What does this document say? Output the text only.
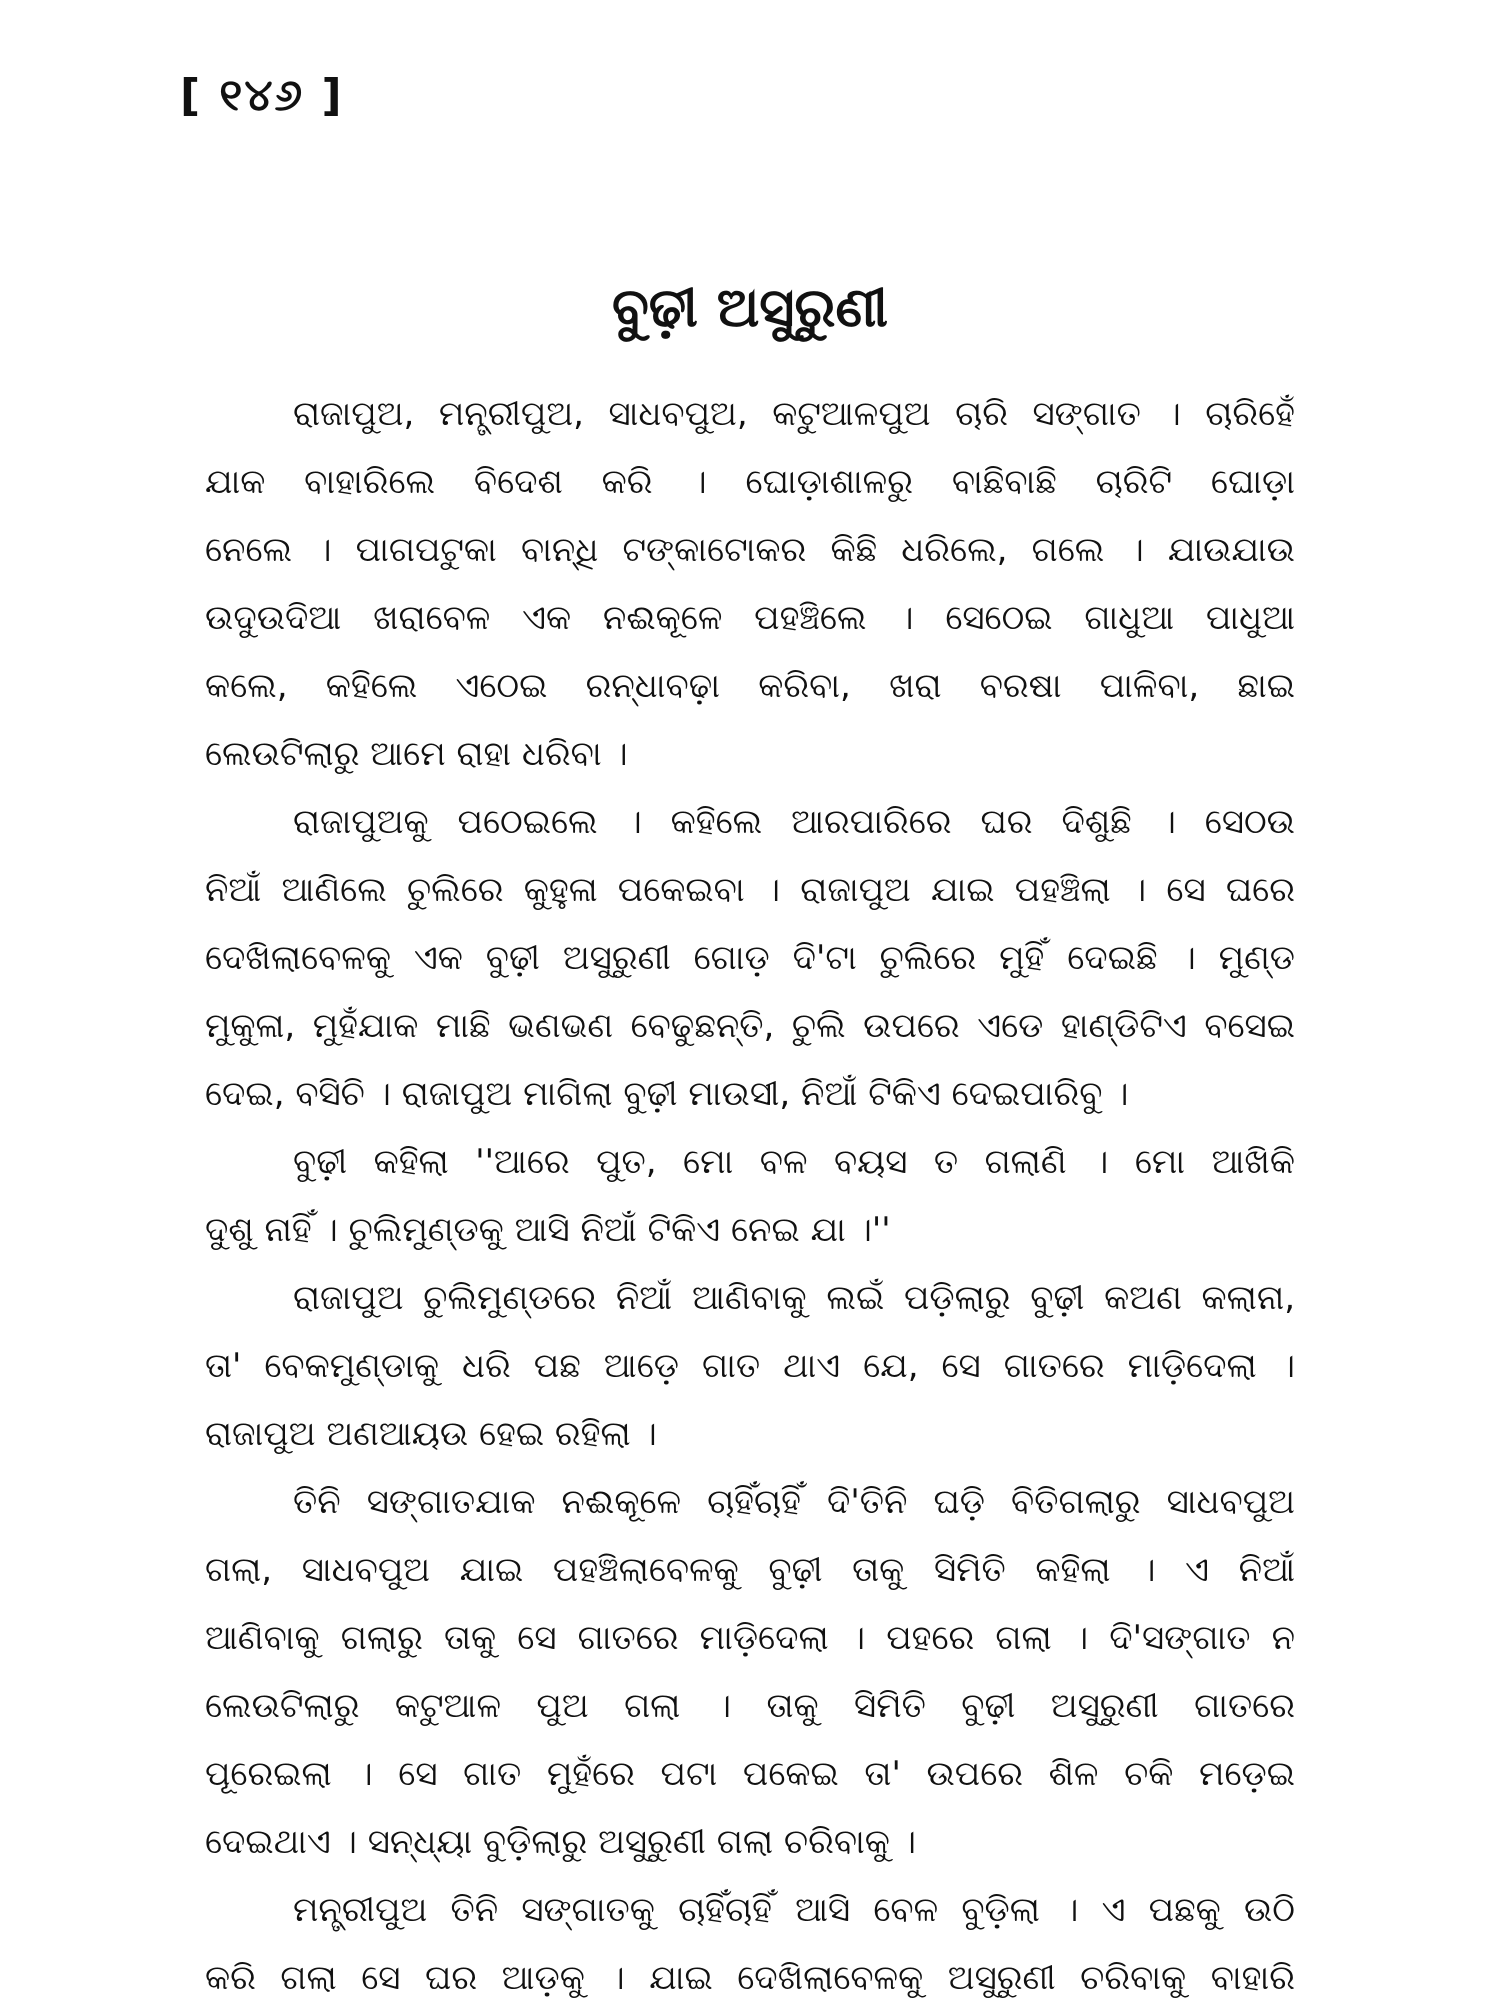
[ ୧୪୬ ]
ବୁଢ଼ୀ ଅସୁରୁଣୀ
ରାଜାପୁଅ, ମନ୍ତ୍ରୀପୁଅ, ସାଧବପୁଅ, କଟୁଆଳପୁଅ ଚାରି ସଙ୍ଗାତ । ଚାରିହେଁ
ଯାକ ବାହାରିଲେ ବିଦେଶ କରି । ଘୋଡ଼ାଶାଳରୁ ବାଛିବାଛି ଚାରିଟି ଘୋଡ଼ା
ନେଲେ । ପାଗପଟୁକା ବାନ୍ଧି ଟଙ୍କାଟୋକର କିଛି ଧରିଲେ, ଗଲେ । ଯାଉଯାଉ
ଉଦୁଉଦିଆ ଖରାବେଳ ଏକ ନଈକୂଳେ ପହଞ୍ଚିଲେ । ସେଠେଇ ଗାଧୁଆ ପାଧୁଆ
କଲେ, କହିଲେ ଏଠେଇ ରନ୍ଧାବଢ଼ା କରିବା, ଖରା ବରଷା ପାଳିବା, ଛାଇ
ଲେଉଟିଲାରୁ ଆମେ ରାହା ଧରିବା ।
ରାଜାପୁଅକୁ ପଠେଇଲେ । କହିଲେ ଆରପାରିରେ ଘର ଦିଶୁଛି । ସେଠଉ
ନିଆଁ ଆଣିଲେ ଚୁଲିରେ କୁହୁଳା ପକେଇବା । ରାଜାପୁଅ ଯାଇ ପହଞ୍ଚିଲା । ସେ ଘରେ
ଦେଖିଲାବେଳକୁ ଏକ ବୁଢ଼ୀ ଅସୁରୁଣୀ ଗୋଡ଼ ଦି'ଟା ଚୁଲିରେ ମୁହିଁ ଦେଇଛି । ମୁଣ୍ଡ
ମୁକୁଳା, ମୁହଁଯାକ ମାଛି ଭଣଭଣ ବେଢୁଛନ୍ତି, ଚୁଲି ଉପରେ ଏଡେ ହାଣ୍ଡିଟିଏ ବସେଇ
ଦେଇ, ବସିଚି । ରାଜାପୁଅ ମାଗିଲା ବୁଢ଼ୀ ମାଉସୀ, ନିଆଁ ଟିକିଏ ଦେଇପାରିବୁ ।
ବୁଢ଼ୀ କହିଲା ''ଆରେ ପୁତ, ମୋ ବଳ ବୟସ ତ ଗଲାଣି । ମୋ ଆଖିକି
ଦୁଶୁ ନାହିଁ । ଚୁଲିମୁଣ୍ଡକୁ ଆସି ନିଆଁ ଟିକିଏ ନେଇ ଯା ।''
ରାଜାପୁଅ ଚୁଲିମୁଣ୍ଡରେ ନିଆଁ ଆଣିବାକୁ ଲଇଁ ପଡ଼ିଲାରୁ ବୁଢ଼ୀ କଅଣ କଲାନା,
ତା' ବେକମୁଣ୍ଡାକୁ ଧରି ପଛ ଆଡ଼େ ଗାତ ଥାଏ ଯେ, ସେ ଗାତରେ ମାଡ଼ିଦେଲା ।
ରାଜାପୁଅ ଅଣଆୟଉ ହେଇ ରହିଲା ।
ତିନି ସଙ୍ଗାତଯାକ ନଈକୂଳେ ଚାହିଁଚାହିଁ ଦି'ତିନି ଘଡ଼ି ବିତିଗଲାରୁ ସାଧବପୁଅ
ଗଲା, ସାଧବପୁଅ ଯାଇ ପହଞ୍ଚିଲାବେଳକୁ ବୁଢ଼ୀ ତାକୁ ସିମିତି କହିଲା । ଏ ନିଆଁ
ଆଣିବାକୁ ଗଲାରୁ ତାକୁ ସେ ଗାତରେ ମାଡ଼ିଦେଲା । ପହରେ ଗଲା । ଦି'ସଙ୍ଗାତ ନ
ଲେଉଟିଲାରୁ କଟୁଆଳ ପୁଅ ଗଲା । ତାକୁ ସିମିତି ବୁଢ଼ୀ ଅସୁରୁଣୀ ଗାତରେ
ପୂରେଇଲା । ସେ ଗାତ ମୁହଁରେ ପଟା ପକେଇ ତା' ଉପରେ ଶିଳ ଚକି ମଡ଼େଇ
ଦେଇଥାଏ । ସନ୍ଧ୍ୟା ବୁଡ଼ିଲାରୁ ଅସୁରୁଣୀ ଗଲା ଚରିବାକୁ ।
ମନ୍ତ୍ରୀପୁଅ ତିନି ସଙ୍ଗାତକୁ ଚାହିଁଚାହିଁ ଆସି ବେଳ ବୁଡ଼ିଲା । ଏ ପଛକୁ ଉଠି
କରି ଗଲା ସେ ଘର ଆଡ଼କୁ । ଯାଇ ଦେଖିଲାବେଳକୁ ଅସୁରୁଣୀ ଚରିବାକୁ ବାହାରି
